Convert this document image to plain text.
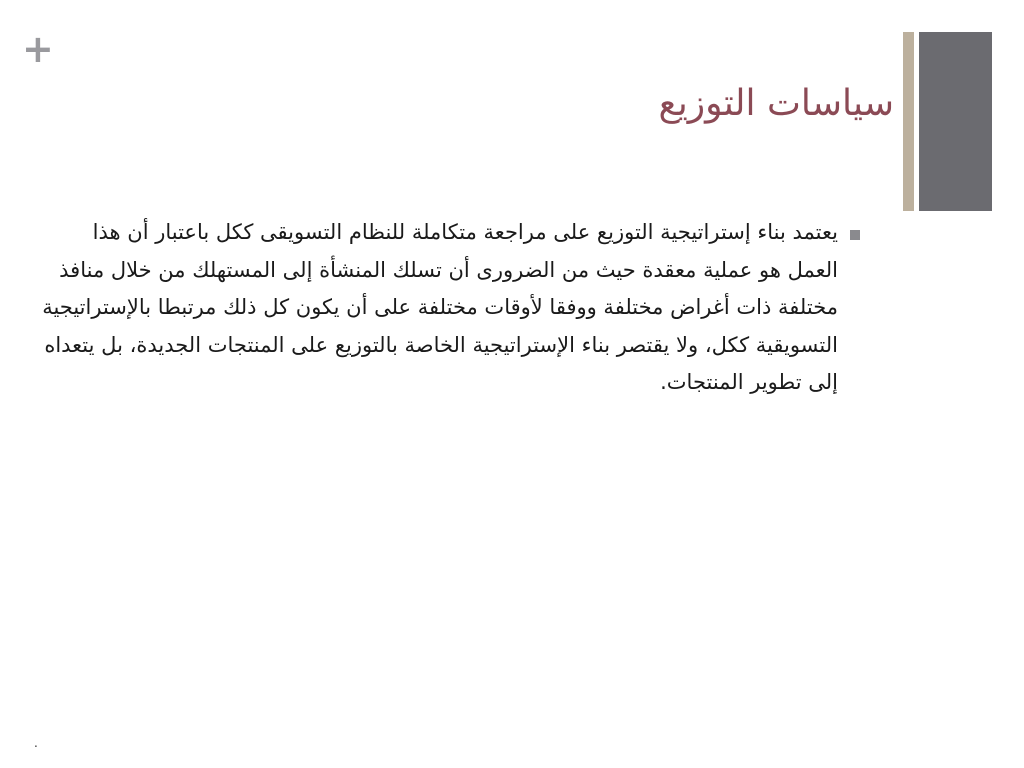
+
سياسات التوزيع
يعتمد بناء إستراتيجية التوزيع على مراجعة متكاملة للنظام التسويقى ككل باعتبار أن هذا العمل هو عملية معقدة حيث من الضرورى أن تسلك المنشأة إلى المستهلك من خلال منافذ مختلفة ذات أغراض مختلفة ووفقا لأوقات مختلفة على أن يكون كل ذلك مرتبطا بالإستراتيجية التسويقية ككل، ولا يقتصر بناء الإستراتيجية الخاصة بالتوزيع على المنتجات الجديدة، بل يتعداه إلى تطوير المنتجات.
.
